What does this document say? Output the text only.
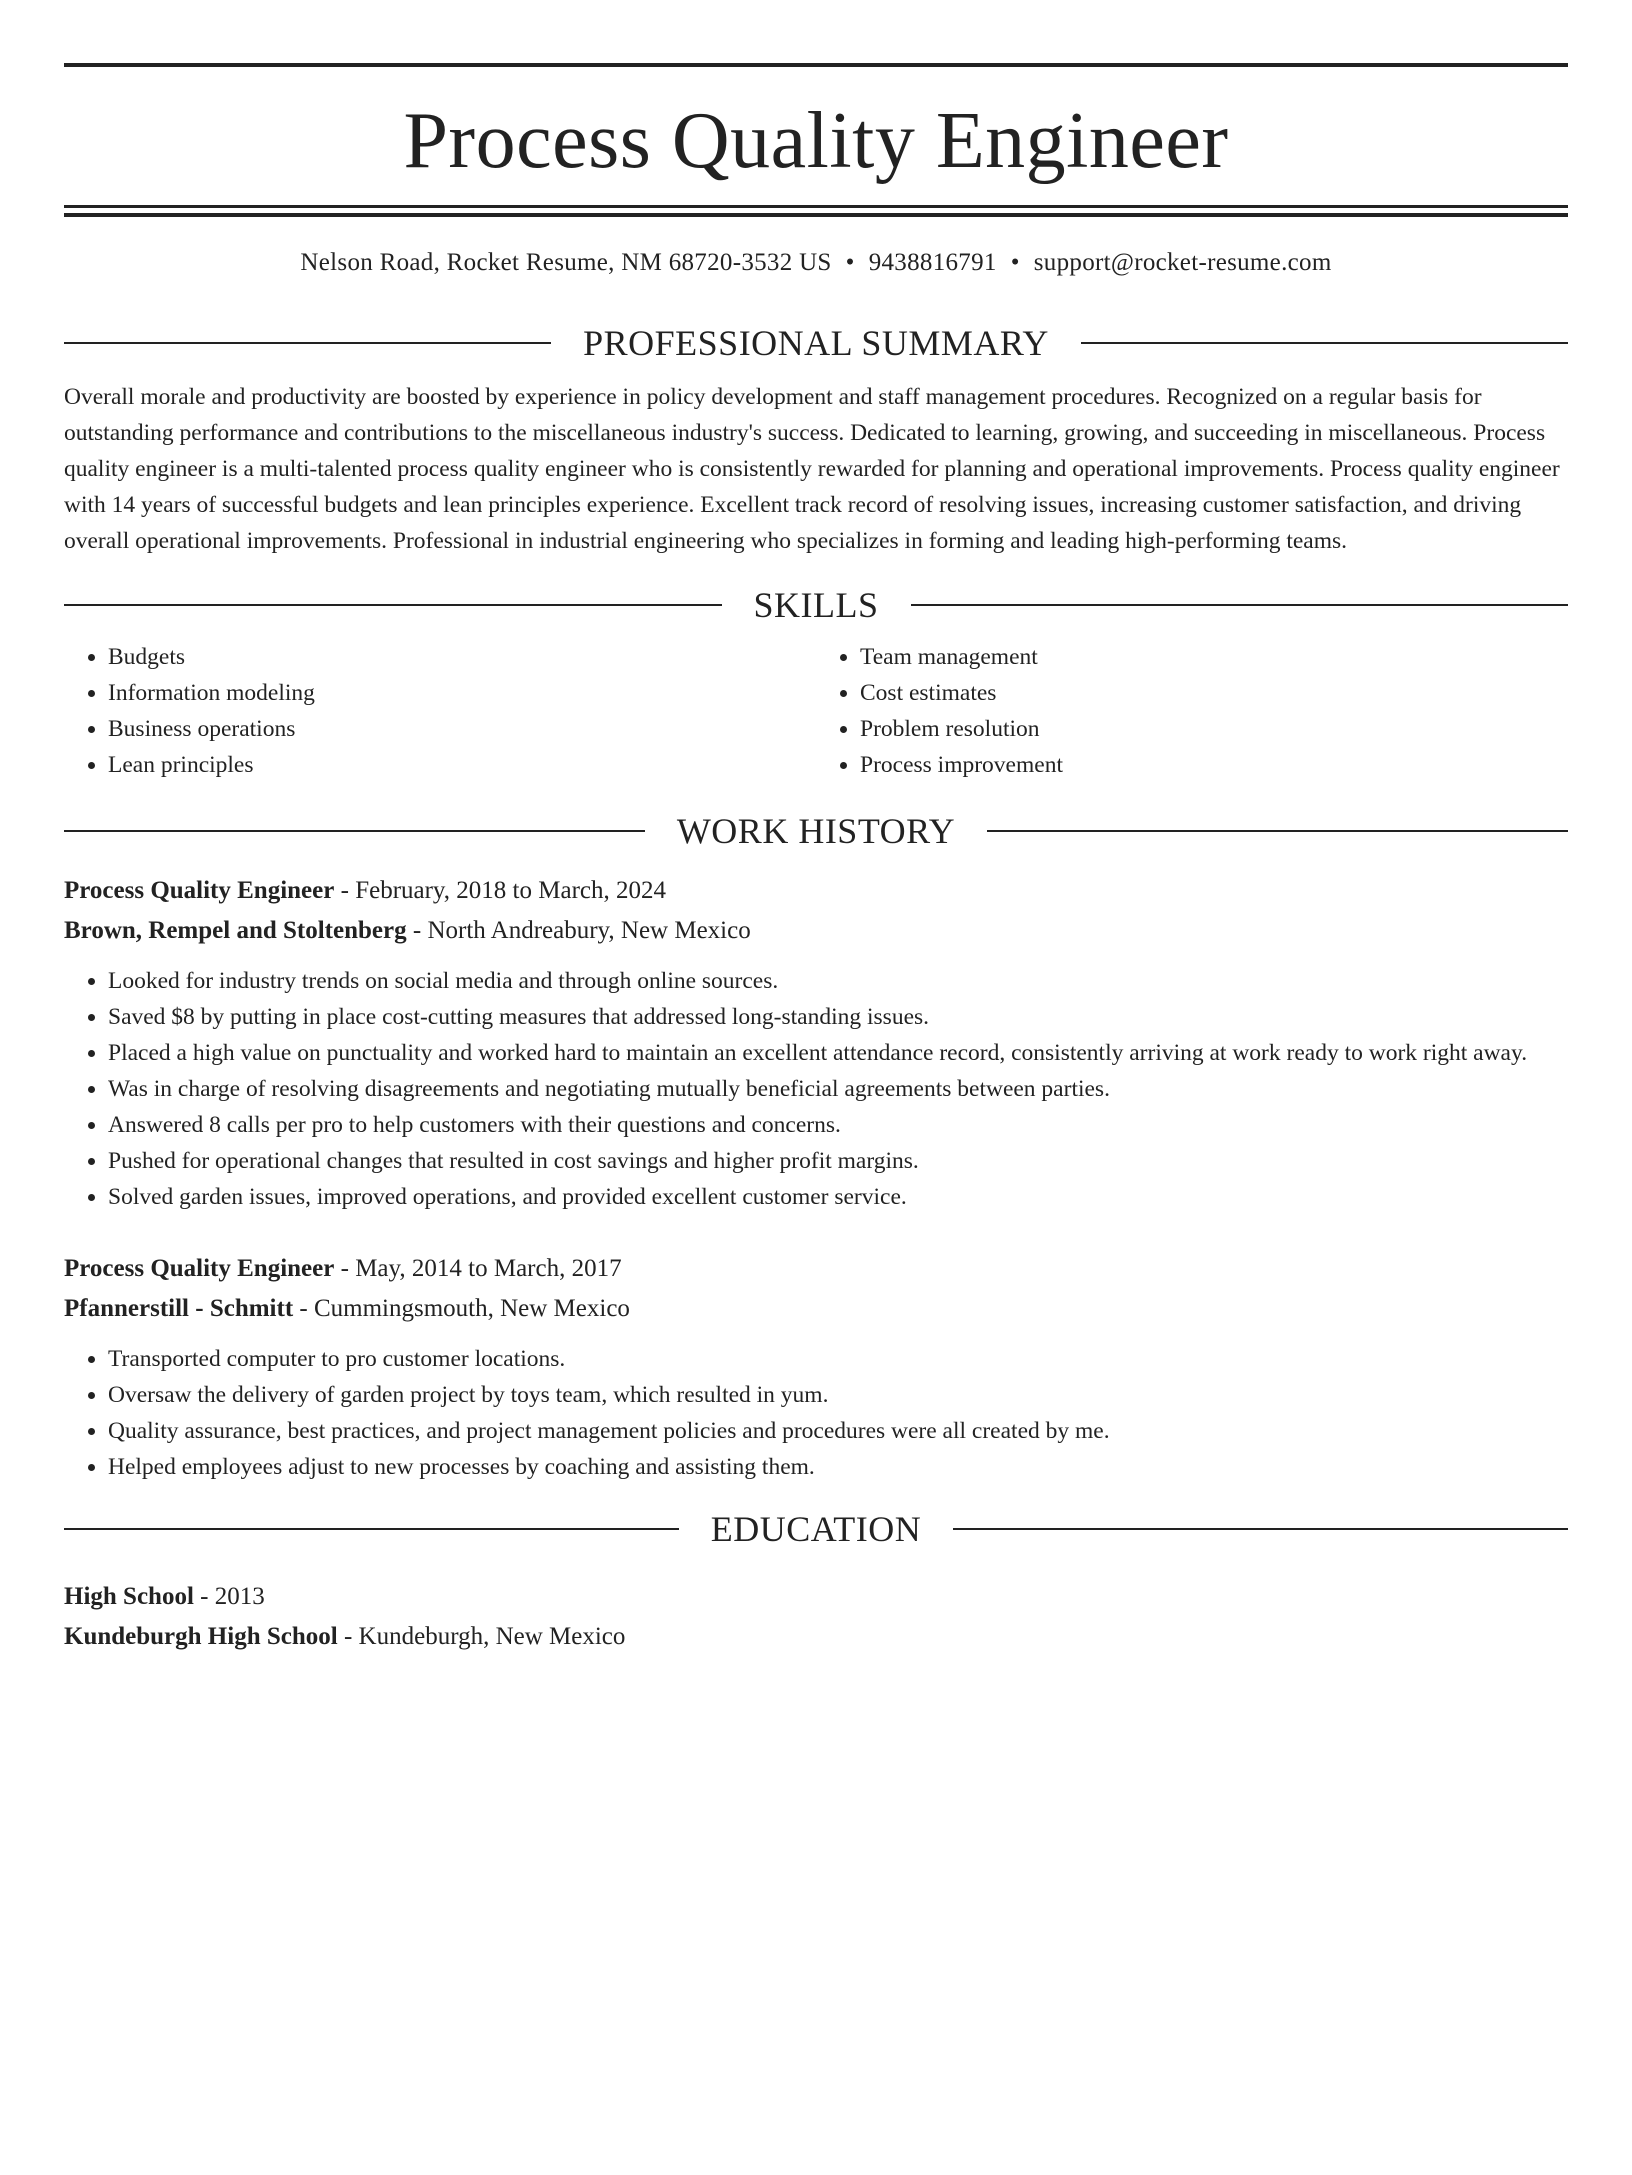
Process Quality Engineer
Nelson Road, Rocket Resume, NM 68720-3532 US • 9438816791 • support@rocket-resume.com
PROFESSIONAL SUMMARY

Overall morale and productivity are boosted by experience in policy development and staff management procedures. Recognized on a regular basis for outstanding performance and contributions to the miscellaneous industry's success. Dedicated to learning, growing, and succeeding in miscellaneous. Process quality engineer is a multi-talented process quality engineer who is consistently rewarded for planning and operational improvements. Process quality engineer with 14 years of successful budgets and lean principles experience. Excellent track record of resolving issues, increasing customer satisfaction, and driving overall operational improvements. Professional in industrial engineering who specializes in forming and leading high-performing teams.

SKILLS
• Budgets
• Information modeling
• Business operations
• Lean principles
• Team management
• Cost estimates
• Problem resolution
• Process improvement
WORK HISTORY
Process Quality Engineer - February, 2018 to March, 2024
Brown, Rempel and Stoltenberg - North Andreabury, New Mexico
• Looked for industry trends on social media and through online sources.
• Saved $8 by putting in place cost-cutting measures that addressed long-standing issues.
• Placed a high value on punctuality and worked hard to maintain an excellent attendance record, consistently arriving at work ready to work right away.
• Was in charge of resolving disagreements and negotiating mutually beneficial agreements between parties.
• Answered 8 calls per pro to help customers with their questions and concerns.
• Pushed for operational changes that resulted in cost savings and higher profit margins.
• Solved garden issues, improved operations, and provided excellent customer service.
Process Quality Engineer - May, 2014 to March, 2017
Pfannerstill - Schmitt - Cummingsmouth, New Mexico
• Transported computer to pro customer locations.
• Oversaw the delivery of garden project by toys team, which resulted in yum.
• Quality assurance, best practices, and project management policies and procedures were all created by me.
• Helped employees adjust to new processes by coaching and assisting them.
EDUCATION
High School - 2013
Kundeburgh High School - Kundeburgh, New Mexico
